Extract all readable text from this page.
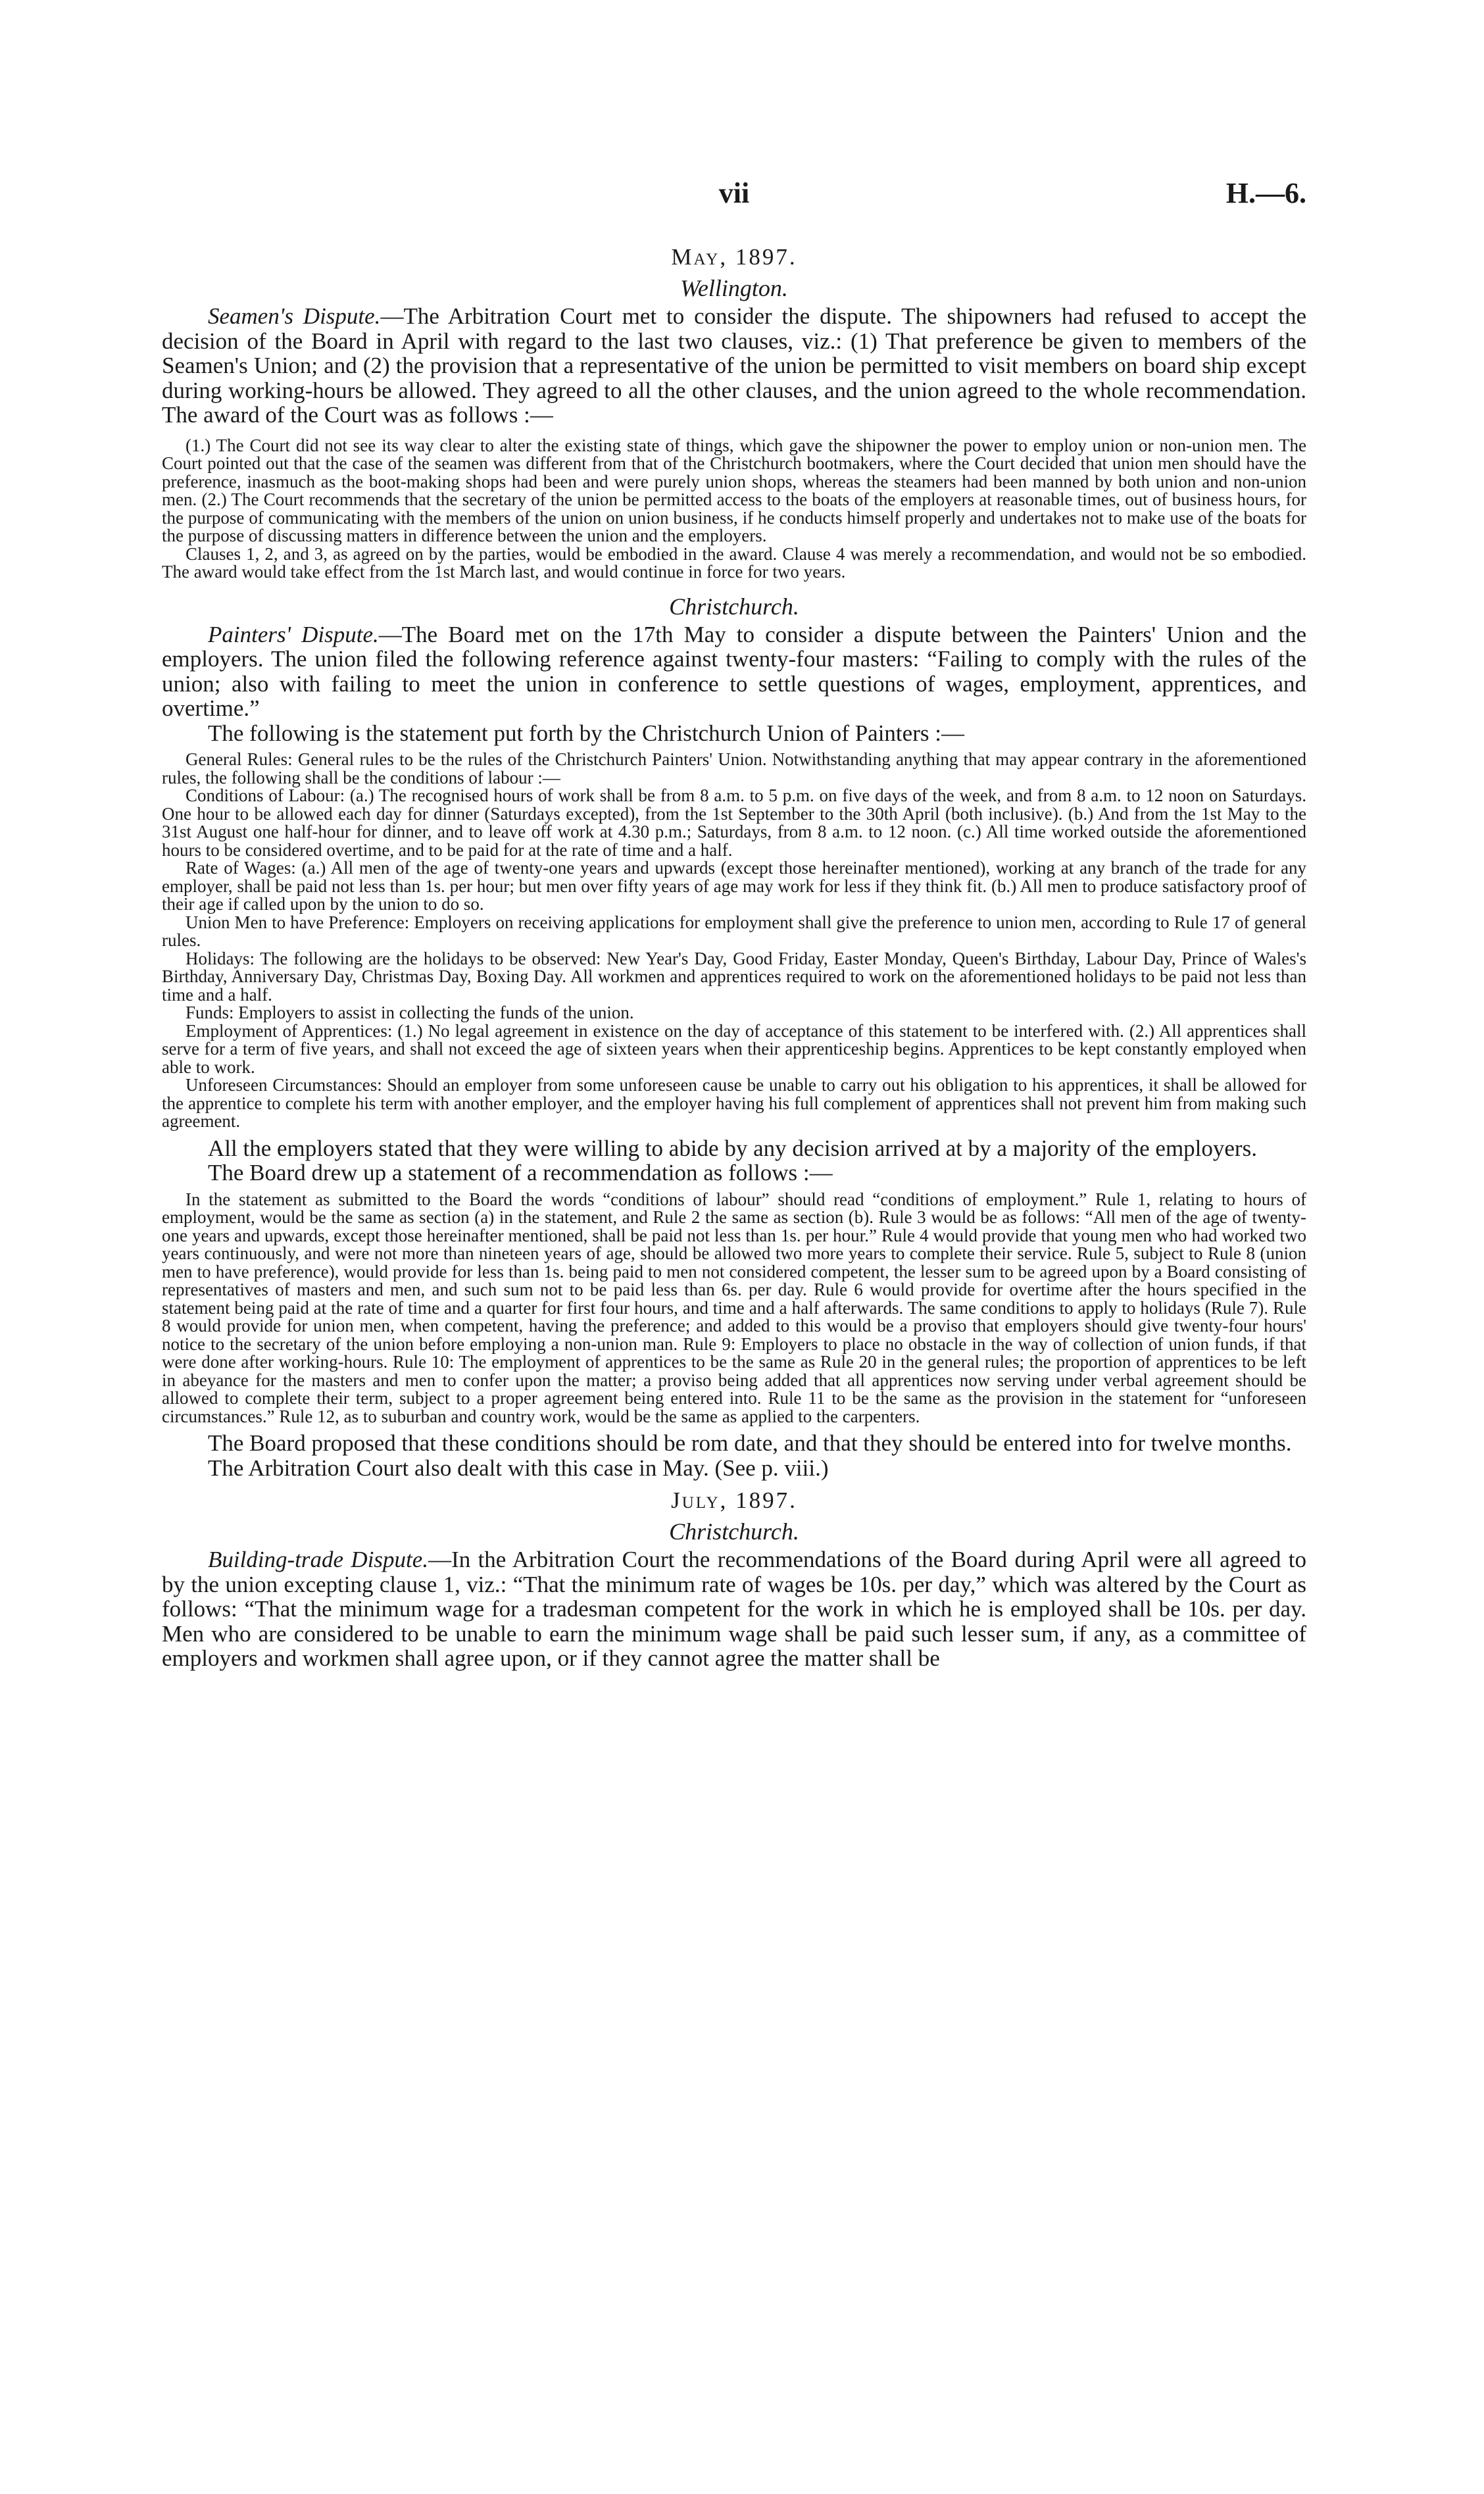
vii	H.—6.
May, 1897.
Wellington.

Seamen's Dispute.—The Arbitration Court met to consider the dispute. The shipowners had refused to accept the decision of the Board in April with regard to the last two clauses, viz.: (1) That preference be given to members of the Seamen's Union; and (2) the provision that a representative of the union be permitted to visit members on board ship except during working-hours be allowed. They agreed to all the other clauses, and the union agreed to the whole recommendation. The award of the Court was as follows :—

(1.) The Court did not see its way clear to alter the existing state of things, which gave the shipowner the power to employ union or non-union men. The Court pointed out that the case of the seamen was different from that of the Christchurch bootmakers, where the Court decided that union men should have the preference, inasmuch as the boot-making shops had been and were purely union shops, whereas the steamers had been manned by both union and non-union men. (2.) The Court recommends that the secretary of the union be permitted access to the boats of the employers at reasonable times, out of business hours, for the purpose of communicating with the members of the union on union business, if he conducts himself properly and undertakes not to make use of the boats for the purpose of discussing matters in difference between the union and the employers.

Clauses 1, 2, and 3, as agreed on by the parties, would be embodied in the award. Clause 4 was merely a recommendation, and would not be so embodied. The award would take effect from the 1st March last, and would continue in force for two years.

Christchurch.

Painters' Dispute.—The Board met on the 17th May to consider a dispute between the Painters' Union and the employers. The union filed the following reference against twenty-four masters: “Failing to comply with the rules of the union; also with failing to meet the union in conference to settle questions of wages, employment, apprentices, and overtime.”

The following is the statement put forth by the Christchurch Union of Painters :—

General Rules: General rules to be the rules of the Christchurch Painters' Union. Notwithstanding anything that may appear contrary in the aforementioned rules, the following shall be the conditions of labour :—

Conditions of Labour: (a.) The recognised hours of work shall be from 8 a.m. to 5 p.m. on five days of the week, and from 8 a.m. to 12 noon on Saturdays. One hour to be allowed each day for dinner (Saturdays excepted), from the 1st September to the 30th April (both inclusive). (b.) And from the 1st May to the 31st August one half-hour for dinner, and to leave off work at 4.30 p.m.; Saturdays, from 8 a.m. to 12 noon. (c.) All time worked outside the aforementioned hours to be considered overtime, and to be paid for at the rate of time and a half.

Rate of Wages: (a.) All men of the age of twenty-one years and upwards (except those hereinafter mentioned), working at any branch of the trade for any employer, shall be paid not less than 1s. per hour; but men over fifty years of age may work for less if they think fit. (b.) All men to produce satisfactory proof of their age if called upon by the union to do so.

Union Men to have Preference: Employers on receiving applications for employment shall give the preference to union men, according to Rule 17 of general rules.

Holidays: The following are the holidays to be observed: New Year's Day, Good Friday, Easter Monday, Queen's Birthday, Labour Day, Prince of Wales's Birthday, Anniversary Day, Christmas Day, Boxing Day. All workmen and apprentices required to work on the aforementioned holidays to be paid not less than time and a half.

Funds: Employers to assist in collecting the funds of the union.

Employment of Apprentices: (1.) No legal agreement in existence on the day of acceptance of this statement to be interfered with. (2.) All apprentices shall serve for a term of five years, and shall not exceed the age of sixteen years when their apprenticeship begins. Apprentices to be kept constantly employed when able to work.

Unforeseen Circumstances: Should an employer from some unforeseen cause be unable to carry out his obligation to his apprentices, it shall be allowed for the apprentice to complete his term with another employer, and the employer having his full complement of apprentices shall not prevent him from making such agreement.

All the employers stated that they were willing to abide by any decision arrived at by a majority of the employers.

The Board drew up a statement of a recommendation as follows :—

In the statement as submitted to the Board the words “conditions of labour” should read “conditions of employment.” Rule 1, relating to hours of employment, would be the same as section (a) in the statement, and Rule 2 the same as section (b). Rule 3 would be as follows: “All men of the age of twenty-one years and upwards, except those hereinafter mentioned, shall be paid not less than 1s. per hour.” Rule 4 would provide that young men who had worked two years continuously, and were not more than nineteen years of age, should be allowed two more years to complete their service. Rule 5, subject to Rule 8 (union men to have preference), would provide for less than 1s. being paid to men not considered competent, the lesser sum to be agreed upon by a Board consisting of representatives of masters and men, and such sum not to be paid less than 6s. per day. Rule 6 would provide for overtime after the hours specified in the statement being paid at the rate of time and a quarter for first four hours, and time and a half afterwards. The same conditions to apply to holidays (Rule 7). Rule 8 would provide for union men, when competent, having the preference; and added to this would be a proviso that employers should give twenty-four hours' notice to the secretary of the union before employing a non-union man. Rule 9: Employers to place no obstacle in the way of collection of union funds, if that were done after working-hours. Rule 10: The employment of apprentices to be the same as Rule 20 in the general rules; the proportion of apprentices to be left in abeyance for the masters and men to confer upon the matter; a proviso being added that all apprentices now serving under verbal agreement should be allowed to complete their term, subject to a proper agreement being entered into. Rule 11 to be the same as the provision in the statement for “unforeseen circumstances.” Rule 12, as to suburban and country work, would be the same as applied to the carpenters.

The Board proposed that these conditions should be rom date, and that they should be entered into for twelve months.

The Arbitration Court also dealt with this case in May. (See p. viii.)

July, 1897.
Christchurch.

Building-trade Dispute.—In the Arbitration Court the recommendations of the Board during April were all agreed to by the union excepting clause 1, viz.: “That the minimum rate of wages be 10s. per day,” which was altered by the Court as follows: “That the minimum wage for a tradesman competent for the work in which he is employed shall be 10s. per day. Men who are considered to be unable to earn the minimum wage shall be paid such lesser sum, if any, as a committee of employers and workmen shall agree upon, or if they cannot agree the matter shall be
